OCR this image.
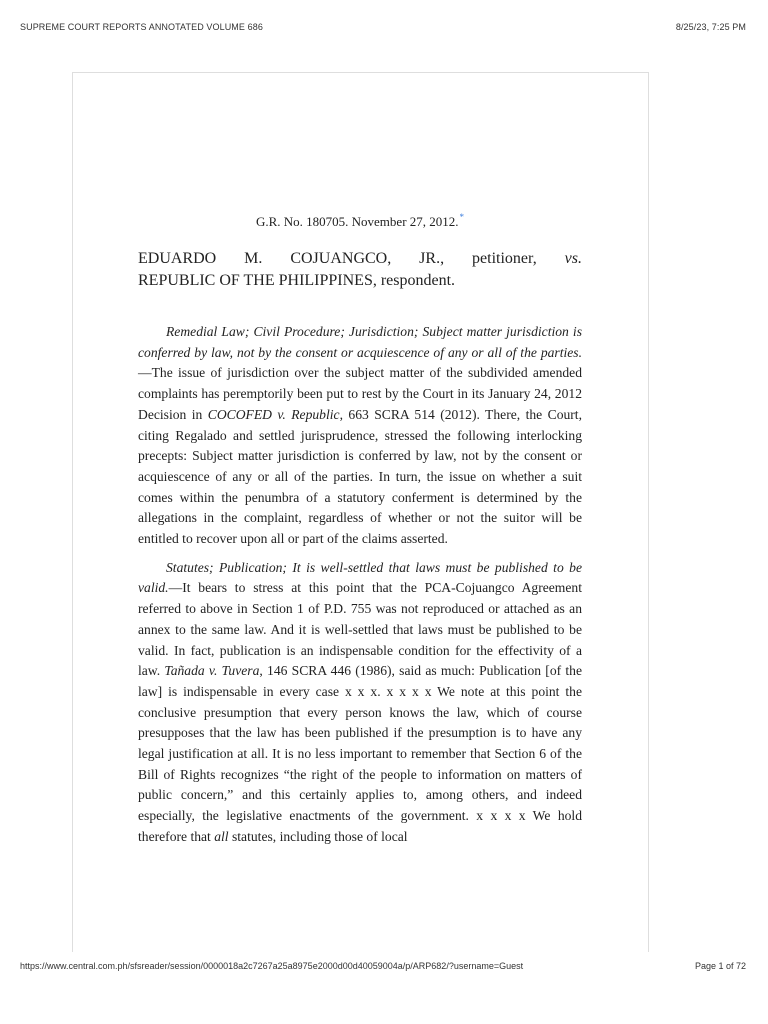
SUPREME COURT REPORTS ANNOTATED VOLUME 686	8/25/23, 7:25 PM

G.R. No. 180705. November 27, 2012.*

EDUARDO M. COJUANGCO, JR., petitioner, vs.
REPUBLIC OF THE PHILIPPINES, respondent.

Remedial Law; Civil Procedure; Jurisdiction; Subject matter jurisdiction is conferred by law, not by the consent or acquiescence of any or all of the parties.—The issue of jurisdiction over the subject matter of the subdivided amended complaints has peremptorily been put to rest by the Court in its January 24, 2012 Decision in COCOFED v. Republic, 663 SCRA 514 (2012). There, the Court, citing Regalado and settled jurisprudence, stressed the following interlocking precepts: Subject matter jurisdiction is conferred by law, not by the consent or acquiescence of any or all of the parties. In turn, the issue on whether a suit comes within the penumbra of a statutory conferment is determined by the allegations in the complaint, regardless of whether or not the suitor will be entitled to recover upon all or part of the claims asserted.

Statutes; Publication; It is well-settled that laws must be published to be valid.—It bears to stress at this point that the PCA-Cojuangco Agreement referred to above in Section 1 of P.D. 755 was not reproduced or attached as an annex to the same law. And it is well-settled that laws must be published to be valid. In fact, publication is an indispensable condition for the effectivity of a law. Tañada v. Tuvera, 146 SCRA 446 (1986), said as much: Publication [of the law] is indispensable in every case x x x. x x x x We note at this point the conclusive presumption that every person knows the law, which of course presupposes that the law has been published if the presumption is to have any legal justification at all. It is no less important to remember that Section 6 of the Bill of Rights recognizes “the right of the people to information on matters of public concern,” and this certainly applies to, among others, and indeed especially, the legislative enactments of the government. x x x x We hold therefore that all statutes, including those of local

https://www.central.com.ph/sfsreader/session/0000018a2c7267a25a8975e2000d00d40059004a/p/ARP682/?username=Guest	Page 1 of 72
